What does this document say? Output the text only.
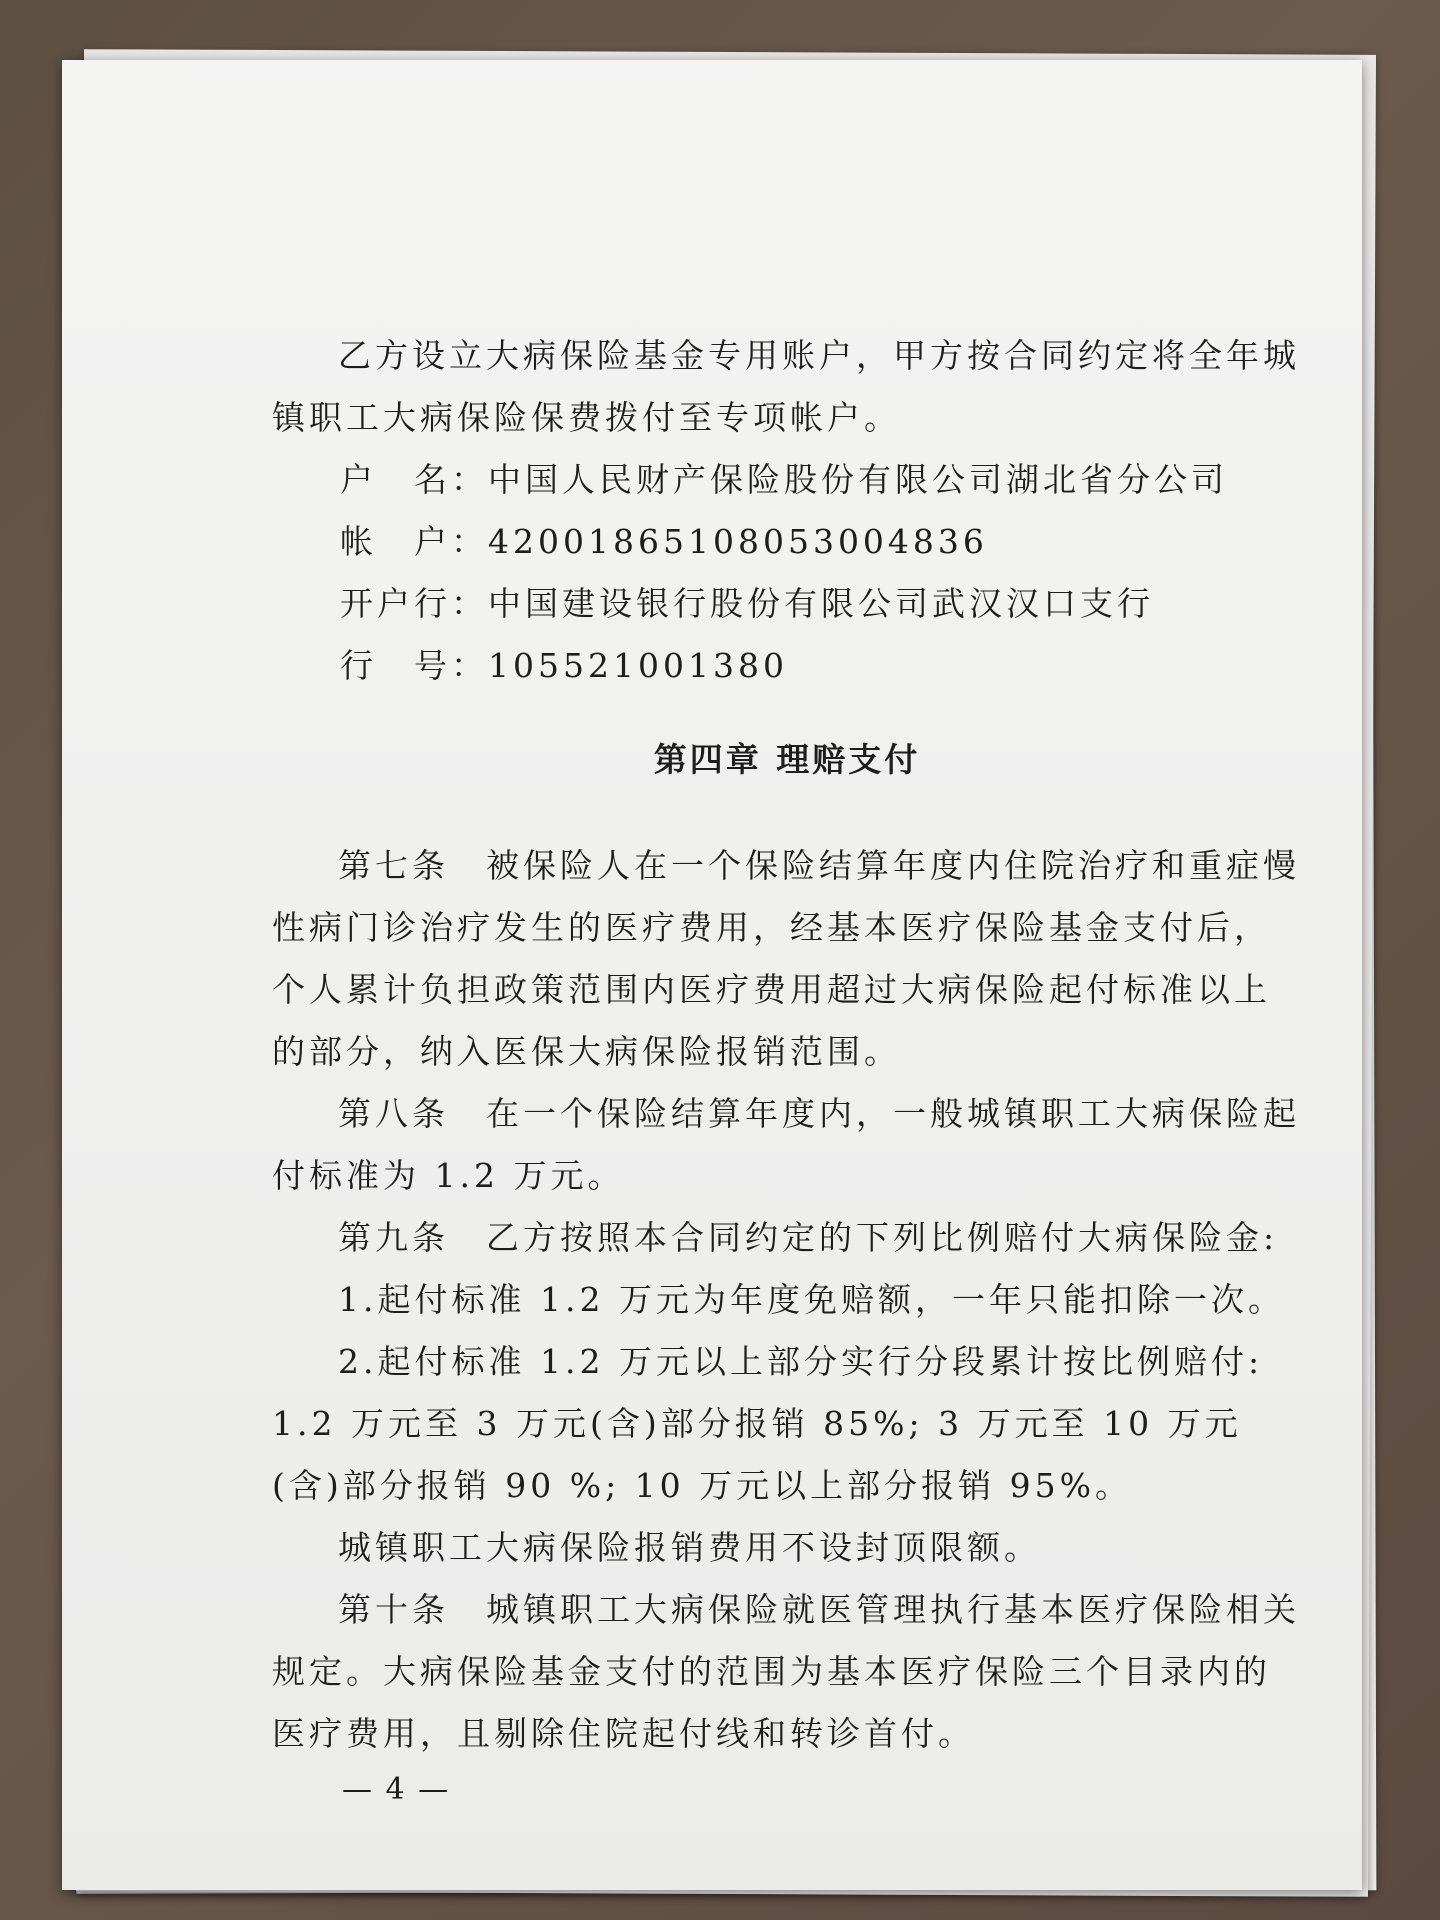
乙方设立大病保险基金专用账户，甲方按合同约定将全年城镇职工大病保险保费拨付至专项帐户。

户　名：中国人民财产保险股份有限公司湖北省分公司

帐　户：42001865108053004836

开户行：中国建设银行股份有限公司武汉汉口支行

行　号：105521001380

第四章 理赔支付

第七条　被保险人在一个保险结算年度内住院治疗和重症慢性病门诊治疗发生的医疗费用，经基本医疗保险基金支付后，个人累计负担政策范围内医疗费用超过大病保险起付标准以上的部分，纳入医保大病保险报销范围。

第八条　在一个保险结算年度内，一般城镇职工大病保险起付标准为 1.2 万元。

第九条　乙方按照本合同约定的下列比例赔付大病保险金:

1.起付标准 1.2 万元为年度免赔额，一年只能扣除一次。

2.起付标准 1.2 万元以上部分实行分段累计按比例赔付: 1.2 万元至 3 万元(含)部分报销 85%; 3 万元至 10 万元(含)部分报销 90 %; 10 万元以上部分报销 95%。

城镇职工大病保险报销费用不设封顶限额。

第十条　城镇职工大病保险就医管理执行基本医疗保险相关规定。大病保险基金支付的范围为基本医疗保险三个目录内的医疗费用，且剔除住院起付线和转诊首付。

— 4 —
